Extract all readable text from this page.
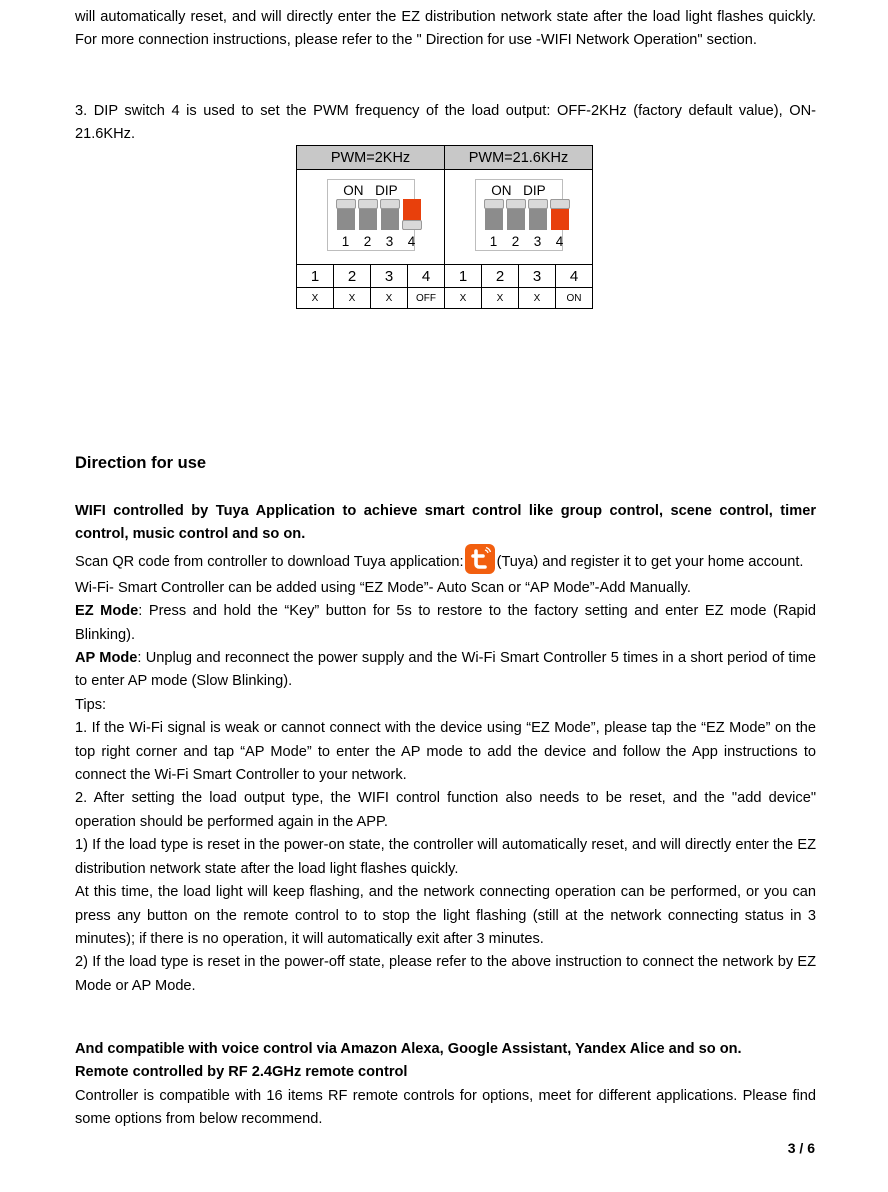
will automatically reset, and will directly enter the EZ distribution network state after the load light flashes quickly. For more connection instructions, please refer to the " Direction for use -WIFI Network Operation" section.

3. DIP switch 4 is used to set the PWM frequency of the load output: OFF-2KHz (factory default value), ON-21.6KHz.

PWM=2KHz				PWM=21.6KHz			

ON DIP
1	2	3	4

ON DIP
1	2	3	4

1	2	3	4	1	2	3	4
X	X	X	OFF	X	X	X	ON
Direction for use

WIFI controlled by Tuya Application to achieve smart control like group control, scene control, timer control, music control and so on.

Scan QR code from controller to download Tuya application: (Tuya) and register it to get your home account.

Wi-Fi- Smart Controller can be added using “EZ Mode”- Auto Scan or “AP Mode”-Add Manually.

EZ Mode: Press and hold the “Key” button for 5s to restore to the factory setting and enter EZ mode (Rapid Blinking).

AP Mode: Unplug and reconnect the power supply and the Wi-Fi Smart Controller 5 times in a short period of time to enter AP mode (Slow Blinking).

Tips:

1. If the Wi-Fi signal is weak or cannot connect with the device using “EZ Mode”, please tap the “EZ Mode” on the top right corner and tap “AP Mode” to enter the AP mode to add the device and follow the App instructions to connect the Wi-Fi Smart Controller to your network.

2. After setting the load output type, the WIFI control function also needs to be reset, and the "add device" operation should be performed again in the APP.

1) If the load type is reset in the power-on state, the controller will automatically reset, and will directly enter the EZ distribution network state after the load light flashes quickly.

At this time, the load light will keep flashing, and the network connecting operation can be performed, or you can press any button on the remote control to to stop the light flashing (still at the network connecting status in 3 minutes); if there is no operation, it will automatically exit after 3 minutes.

2) If the load type is reset in the power-off state, please refer to the above instruction to connect the network by EZ Mode or AP Mode.

And compatible with voice control via Amazon Alexa, Google Assistant, Yandex Alice and so on.

Remote controlled by RF 2.4GHz remote control

Controller is compatible with 16 items RF remote controls for options, meet for different applications. Please find some options from below recommend.

3 / 6
